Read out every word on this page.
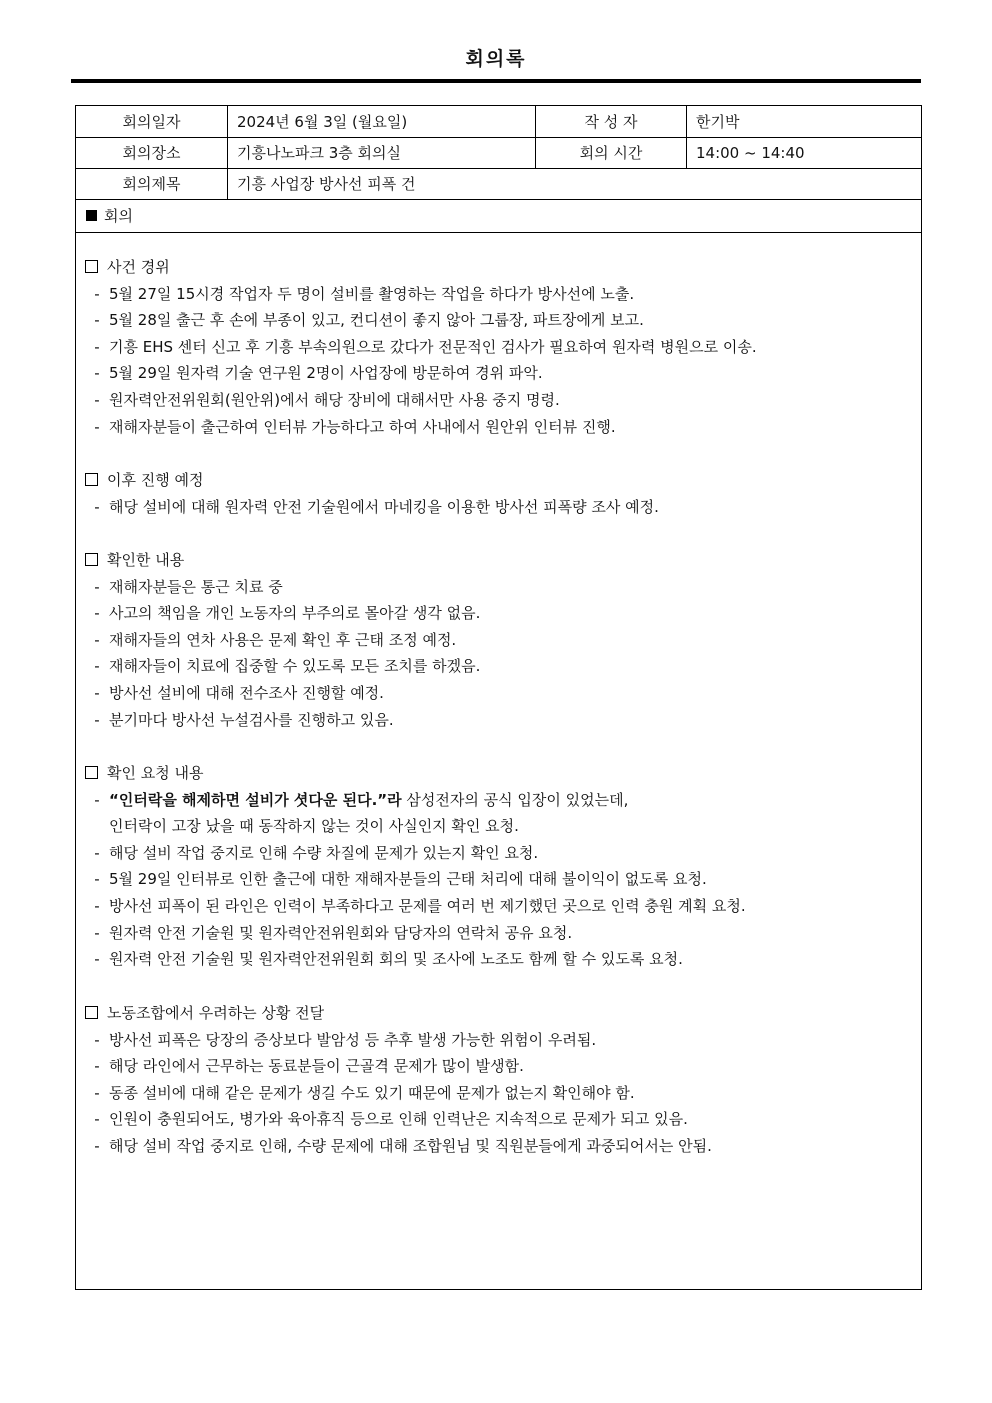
회의록
회의일자	2024년 6월 3일 (월요일)	작 성 자	한기박
회의장소	기흥나노파크 3층 회의실	회의 시간	14:00 ~ 14:40
회의제목	기흥 사업장 방사선 피폭 건
회의
사건 경위
- 5월 27일 15시경 작업자 두 명이 설비를 촬영하는 작업을 하다가 방사선에 노출.
- 5월 28일 출근 후 손에 부종이 있고, 컨디션이 좋지 않아 그룹장, 파트장에게 보고.
- 기흥 EHS 센터 신고 후 기흥 부속의원으로 갔다가 전문적인 검사가 필요하여 원자력 병원으로 이송.
- 5월 29일 원자력 기술 연구원 2명이 사업장에 방문하여 경위 파악.
- 원자력안전위원회(원안위)에서 해당 장비에 대해서만 사용 중지 명령.
- 재해자분들이 출근하여 인터뷰 가능하다고 하여 사내에서 원안위 인터뷰 진행.
이후 진행 예정
- 해당 설비에 대해 원자력 안전 기술원에서 마네킹을 이용한 방사선 피폭량 조사 예정.
확인한 내용
- 재해자분들은 통근 치료 중
- 사고의 책임을 개인 노동자의 부주의로 몰아갈 생각 없음.
- 재해자들의 연차 사용은 문제 확인 후 근태 조정 예정.
- 재해자들이 치료에 집중할 수 있도록 모든 조치를 하겠음.
- 방사선 설비에 대해 전수조사 진행할 예정.
- 분기마다 방사선 누설검사를 진행하고 있음.
확인 요청 내용
- “인터락을 해제하면 설비가 셧다운 된다.”라 삼성전자의 공식 입장이 있었는데,
인터락이 고장 났을 때 동작하지 않는 것이 사실인지 확인 요청.
- 해당 설비 작업 중지로 인해 수량 차질에 문제가 있는지 확인 요청.
- 5월 29일 인터뷰로 인한 출근에 대한 재해자분들의 근태 처리에 대해 불이익이 없도록 요청.
- 방사선 피폭이 된 라인은 인력이 부족하다고 문제를 여러 번 제기했던 곳으로 인력 충원 계획 요청.
- 원자력 안전 기술원 및 원자력안전위원회와 담당자의 연락처 공유 요청.
- 원자력 안전 기술원 및 원자력안전위원회 회의 및 조사에 노조도 함께 할 수 있도록 요청.
노동조합에서 우려하는 상황 전달
- 방사선 피폭은 당장의 증상보다 발암성 등 추후 발생 가능한 위험이 우려됨.
- 해당 라인에서 근무하는 동료분들이 근골격 문제가 많이 발생함.
- 동종 설비에 대해 같은 문제가 생길 수도 있기 때문에 문제가 없는지 확인해야 함.
- 인원이 충원되어도, 병가와 육아휴직 등으로 인해 인력난은 지속적으로 문제가 되고 있음.
- 해당 설비 작업 중지로 인해, 수량 문제에 대해 조합원님 및 직원분들에게 과중되어서는 안됨.
